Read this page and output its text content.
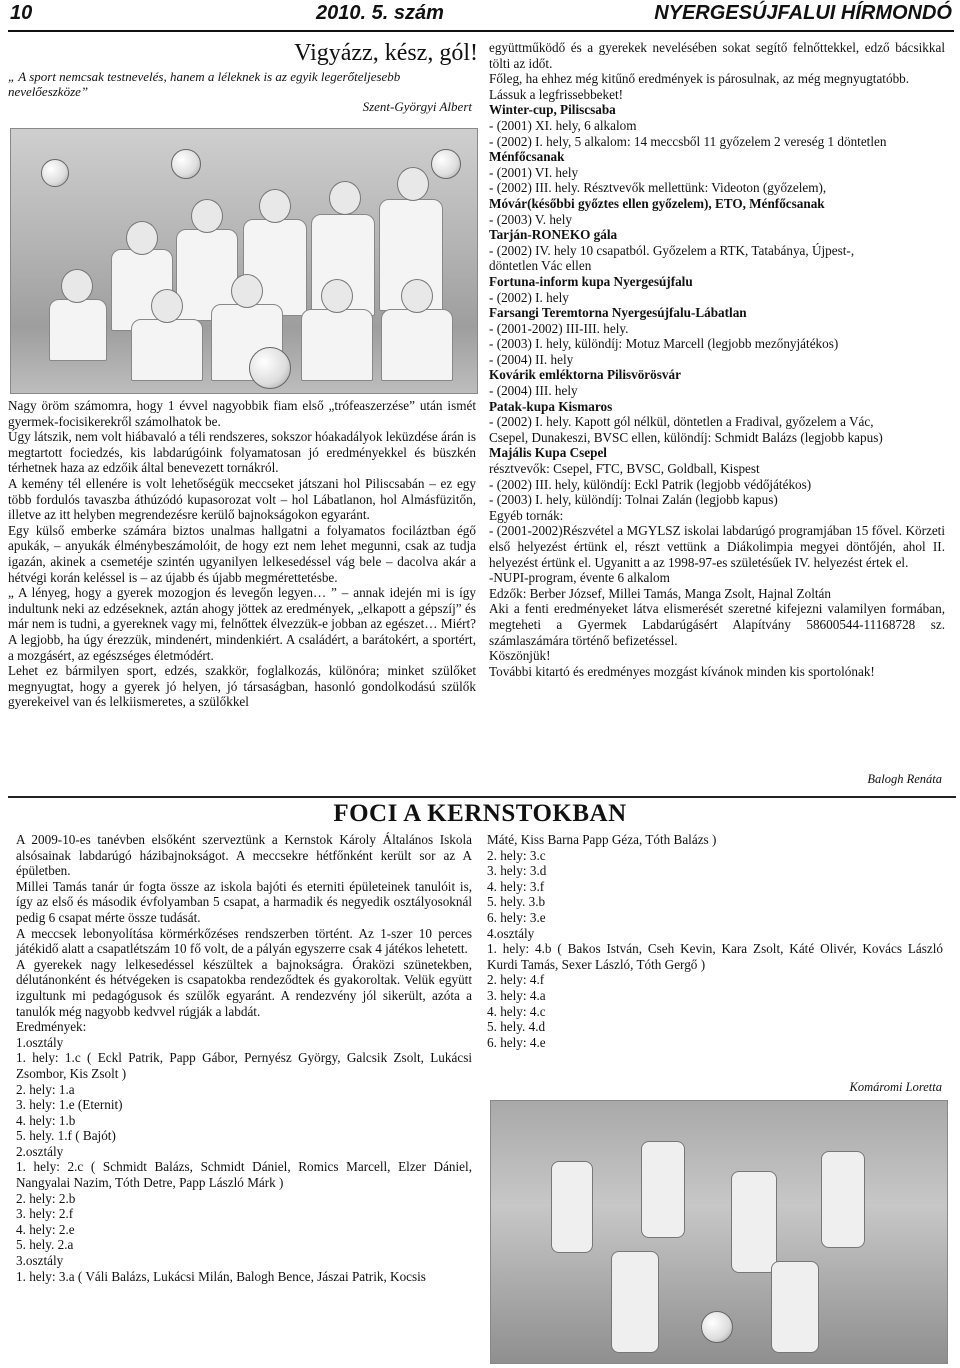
10	2010. 5. szám	NYERGESÚJFALUI HÍRMONDÓ

Vigyázz, kész, gól!

„ A sport nemcsak testnevelés, hanem a léleknek is az egyik legerőteljesebb nevelőeszköze”

Szent-Györgyi Albert

Nagy öröm számomra, hogy 1 évvel nagyobbik fiam első „trófeaszerzése” után ismét gyermek-focisikerekről számolhatok be.

Úgy látszik, nem volt hiábavaló a téli rendszeres, sokszor hóakadályok leküzdése árán is megtartott fociedzés, kis labdarúgóink folyamatosan jó eredményekkel és büszkén térhetnek haza az edzőik által benevezett tornákról.

A kemény tél ellenére is volt lehetőségük meccseket játszani hol Piliscsabán – ez egy több fordulós tavaszba áthúzódó kupasorozat volt – hol Lábatlanon, hol Almásfüzitőn, illetve az itt helyben megrendezésre kerülő bajnokságokon egyaránt.

Egy külső emberke számára biztos unalmas hallgatni a folyamatos fociláztban égő apukák, – anyukák élménybeszámolóit, de hogy ezt nem lehet megunni, csak az tudja igazán, akinek a csemetéje szintén ugyanilyen lelkesedéssel vág bele – dacolva akár a hétvégi korán keléssel is – az újabb és újabb megmérettetésbe.

„ A lényeg, hogy a gyerek mozogjon és levegőn legyen… ” – annak idején mi is így indultunk neki az edzéseknek, aztán ahogy jöttek az eredmények, „elkapott a gépszíj” és már nem is tudni, a gyereknek vagy mi, felnőttek élvezzük-e jobban az egészet… Miért? A legjobb, ha úgy érezzük, mindenért, mindenkiért. A családért, a barátokért, a sportért, a mozgásért, az egészséges életmódért.

Lehet ez bármilyen sport, edzés, szakkör, foglalkozás, különóra; minket szülőket megnyugtat, hogy a gyerek jó helyen, jó társaságban, hasonló gondolkodású szülők gyerekeivel van és lelkiismeretes, a szülőkkel

együttműködő és a gyerekek nevelésében sokat segítő felnőttekkel, edző bácsikkal tölti az időt.

Főleg, ha ehhez még kitűnő eredmények is párosulnak, az még megnyugtatóbb.

Lássuk a legfrissebbeket!

Winter-cup, Piliscsaba

- (2001) XI. hely, 6 alkalom

- (2002) I. hely, 5 alkalom: 14 meccsből 11 győzelem 2 vereség 1 döntetlen

Ménfőcsanak

- (2001) VI. hely

- (2002) III. hely. Résztvevők mellettünk: Videoton (győzelem),

Móvár(későbbi győztes ellen győzelem), ETO, Ménfőcsanak

- (2003) V. hely

Tarján-RONEKO gála

- (2002) IV. hely 10 csapatból. Győzelem a RTK, Tatabánya, Újpest-,

döntetlen Vác ellen

Fortuna-inform kupa Nyergesújfalu

- (2002) I. hely

Farsangi Teremtorna Nyergesújfalu-Lábatlan

- (2001-2002) III-III. hely.

- (2003) I. hely, különdíj: Motuz Marcell (legjobb mezőnyjátékos)

- (2004) II. hely

Kovárik emléktorna Pilisvörösvár

- (2004) III. hely

Patak-kupa Kismaros

- (2002) I. hely. Kapott gól nélkül, döntetlen a Fradival, győzelem a Vác,

Csepel, Dunakeszi, BVSC ellen, különdíj: Schmidt Balázs (legjobb kapus)

Majális Kupa Csepel

résztvevők: Csepel, FTC, BVSC, Goldball, Kispest

- (2002) III. hely, különdíj: Eckl Patrik (legjobb védőjátékos)

- (2003) I. hely, különdíj: Tolnai Zalán (legjobb kapus)

Egyéb tornák:

- (2001-2002)Részvétel a MGYLSZ iskolai labdarúgó programjában 15 fővel. Körzeti első helyezést értünk el, részt vettünk a Diákolimpia megyei döntőjén, ahol II. helyezést értünk el. Ugyanitt a az 1998-97-es születésűek IV. helyezést értek el.

-NUPI-program, évente 6 alkalom

Edzők: Berber József, Millei Tamás, Manga Zsolt, Hajnal Zoltán

Aki a fenti eredményeket látva elismerését szeretné kifejezni valamilyen formában, megteheti a Gyermek Labdarúgásért Alapítvány 58600544-11168728 sz. számlaszámára történő befizetéssel.

Köszönjük!

További kitartó és eredményes mozgást kívánok minden kis sportolónak!

Balogh Renáta
FOCI A KERNSTOKBAN

A 2009-10-es tanévben elsőként szerveztünk a Kernstok Károly Általános Iskola alsósainak labdarúgó házibajnokságot. A meccsekre hétfőnként került sor az A épületben.

Millei Tamás tanár úr fogta össze az iskola bajóti és eterniti épületeinek tanulóit is, így az első és második évfolyamban 5 csapat, a harmadik és negyedik osztályosoknál pedig 6 csapat mérte össze tudását.

A meccsek lebonyolítása körmérkőzéses rendszerben történt. Az 1-szer 10 perces játékidő alatt a csapatlétszám 10 fő volt, de a pályán egyszerre csak 4 játékos lehetett.

A gyerekek nagy lelkesedéssel készültek a bajnokságra. Óraközi szünetekben, délutánonként és hétvégeken is csapatokba rendeződtek és gyakoroltak. Velük együtt izgultunk mi pedagógusok és szülők egyaránt. A rendezvény jól sikerült, azóta a tanulók még nagyobb kedvvel rúgják a labdát.

Eredmények:

1.osztály

1. hely: 1.c ( Eckl Patrik, Papp Gábor, Pernyész György, Galcsik Zsolt, Lukácsi Zsombor, Kis Zsolt )

2. hely: 1.a

3. hely: 1.e (Eternit)

4. hely: 1.b

5. hely. 1.f ( Bajót)

2.osztály

1. hely: 2.c ( Schmidt Balázs, Schmidt Dániel, Romics Marcell, Elzer Dániel, Nangyalai Nazim, Tóth Detre, Papp László Márk )

2. hely: 2.b

3. hely: 2.f

4. hely: 2.e

5. hely. 2.a

3.osztály

1. hely: 3.a ( Váli Balázs, Lukácsi Milán, Balogh Bence, Jászai Patrik, Kocsis

Máté, Kiss Barna Papp Géza, Tóth Balázs )

2. hely: 3.c

3. hely: 3.d

4. hely: 3.f

5. hely. 3.b

6. hely: 3.e

4.osztály

1. hely: 4.b ( Bakos István, Cseh Kevin, Kara Zsolt, Káté Olivér, Kovács László Kurdi Tamás, Sexer László, Tóth Gergő )

2. hely: 4.f

3. hely: 4.a

4. hely: 4.c

5. hely. 4.d

6. hely: 4.e

Komáromi Loretta
